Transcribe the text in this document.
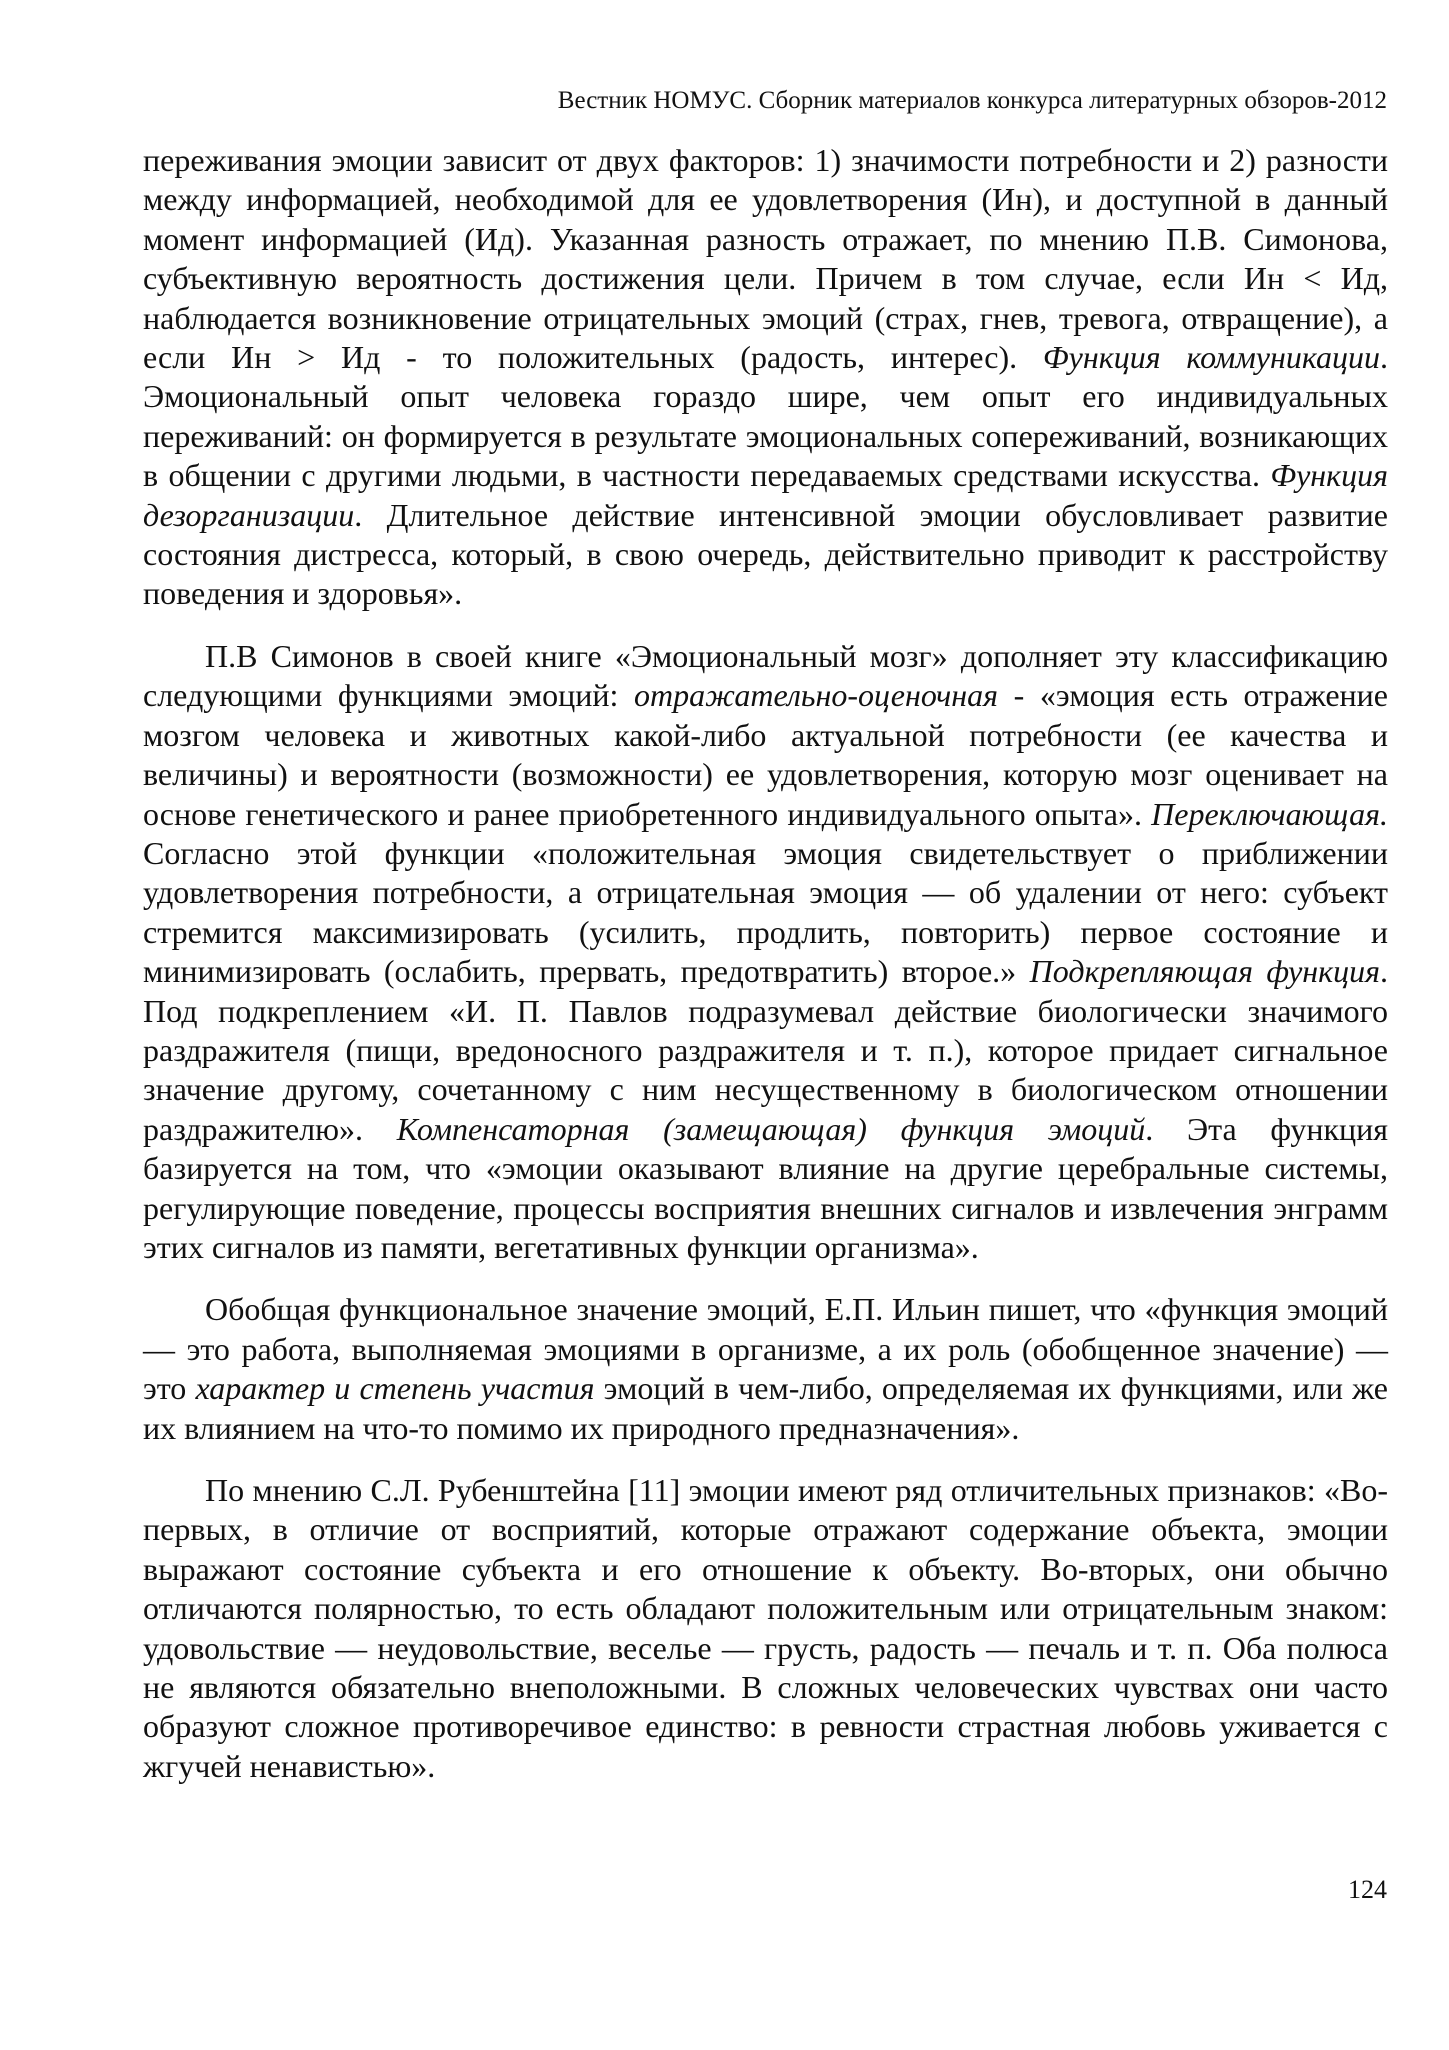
Вестник НОМУС. Сборник материалов конкурса литературных обзоров-2012

переживания эмоции зависит от двух факторов: 1) значимости потребности и 2) разности между информацией, необходимой для ее удовлетворения (Ин), и доступной в данный момент информацией (Ид). Указанная разность отражает, по мнению П.В. Симонова, субъективную вероятность достижения цели. Причем в том случае, если Ин < Ид, наблюдается возникновение отрицательных эмоций (страх, гнев, тревога, отвращение), а если Ин > Ид - то положительных (радость, интерес). Функция коммуникации. Эмоциональный опыт человека гораздо шире, чем опыт его индивидуальных переживаний: он формируется в результате эмоциональных сопереживаний, возникающих в общении с другими людьми, в частности передаваемых средствами искусства. Функция дезорганизации. Длительное действие интенсивной эмоции обусловливает развитие состояния дистресса, который, в свою очередь, действительно приводит к расстройству поведения и здоровья».

П.В Симонов в своей книге «Эмоциональный мозг» дополняет эту классификацию следующими функциями эмоций: отражательно-оценочная - «эмоция есть отражение мозгом человека и животных какой-либо актуальной потребности (ее качества и величины) и вероятности (возможности) ее удовлетворения, которую мозг оценивает на основе генетического и ранее приобретенного индивидуального опыта». Переключающая. Согласно этой функции «положительная эмоция свидетельствует о приближении удовлетворения потребности, а отрицательная эмоция — об удалении от него: субъект стремится максимизировать (усилить, продлить, повторить) первое состояние и минимизировать (ослабить, прервать, предотвратить) второе.» Подкрепляющая функция. Под подкреплением «И. П. Павлов подразумевал действие биологически значимого раздражителя (пищи, вредоносного раздражителя и т. п.), которое придает сигнальное значение другому, сочетанному с ним несущественному в биологическом отношении раздражителю». Компенсаторная (замещающая) функция эмоций. Эта функция базируется на том, что «эмоции оказывают влияние на другие церебральные системы, регулирующие поведение, процессы восприятия внешних сигналов и извлечения энграмм этих сигналов из памяти, вегетативных функции организма».

Обобщая функциональное значение эмоций, Е.П. Ильин пишет, что «функция эмоций — это работа, выполняемая эмоциями в организме, а их роль (обобщенное значение) — это характер и степень участия эмоций в чем-либо, определяемая их функциями, или же их влиянием на что-то помимо их природного предназначения».

По мнению С.Л. Рубенштейна [11] эмоции имеют ряд отличительных признаков: «Во-первых, в отличие от восприятий, которые отражают содержание объекта, эмоции выражают состояние субъекта и его отношение к объекту. Во-вторых, они обычно отличаются полярностью, то есть обладают положительным или отрицательным знаком: удовольствие — неудовольствие, веселье — грусть, радость — печаль и т. п. Оба полюса не являются обязательно внеположными. В сложных человеческих чувствах они часто образуют сложное противоречивое единство: в ревности страстная любовь уживается с жгучей ненавистью».

124
